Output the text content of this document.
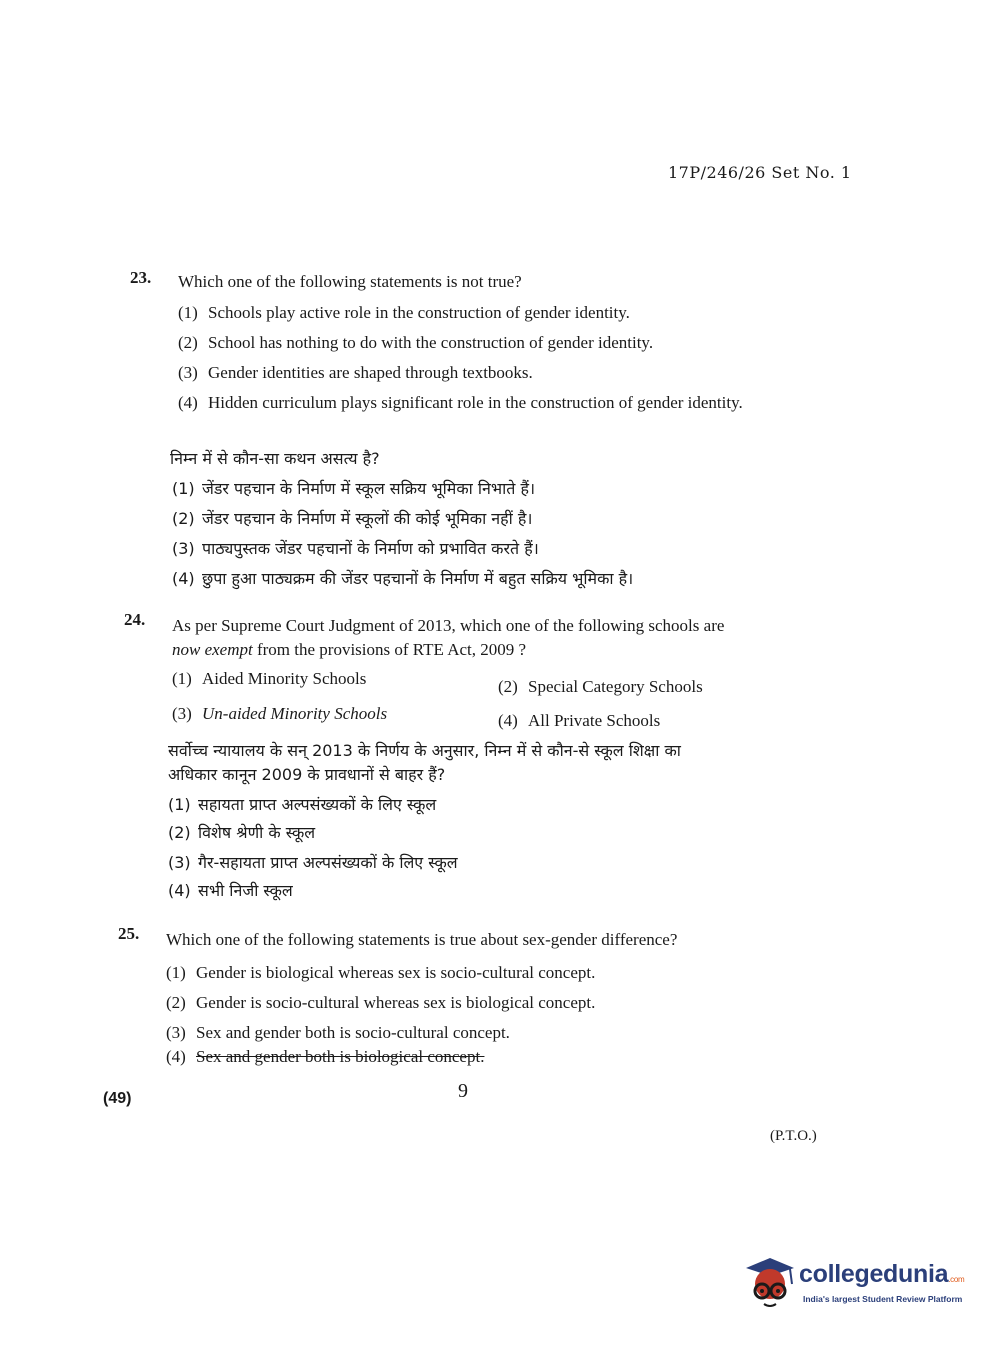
17P/246/26 Set No. 1
23. Which one of the following statements is not true?
(1) Schools play active role in the construction of gender identity.
(2) School has nothing to do with the construction of gender identity.
(3) Gender identities are shaped through textbooks.
(4) Hidden curriculum plays significant role in the construction of gender identity.
निम्न में से कौन-सा कथन असत्य है?
(1) जेंडर पहचान के निर्माण में स्कूल सक्रिय भूमिका निभाते हैं।
(2) जेंडर पहचान के निर्माण में स्कूलों की कोई भूमिका नहीं है।
(3) पाठ्यपुस्तक जेंडर पहचानों के निर्माण को प्रभावित करते हैं।
(4) छुपा हुआ पाठ्यक्रम की जेंडर पहचानों के निर्माण में बहुत सक्रिय भूमिका है।
24. As per Supreme Court Judgment of 2013, which one of the following schools are
now exempt from the provisions of RTE Act, 2009 ?
(1) Aided Minority Schools	(2) Special Category Schools
(3) Un-aided Minority Schools	(4) All Private Schools
सर्वोच्च न्यायालय के सन् 2013 के निर्णय के अनुसार, निम्न में से कौन-से स्कूल शिक्षा का
अधिकार कानून 2009 के प्रावधानों से बाहर हैं?
(1) सहायता प्राप्त अल्पसंख्यकों के लिए स्कूल
(2) विशेष श्रेणी के स्कूल
(3) गैर-सहायता प्राप्त अल्पसंख्यकों के लिए स्कूल
(4) सभी निजी स्कूल
25. Which one of the following statements is true about sex-gender difference?
(1) Gender is biological whereas sex is socio-cultural concept.
(2) Gender is socio-cultural whereas sex is biological concept.
(3) Sex and gender both is socio-cultural concept.
(4) Sex and gender both is biological concept.
(49)	9
(P.T.O.)
collegedunia.com
India's largest Student Review Platform
